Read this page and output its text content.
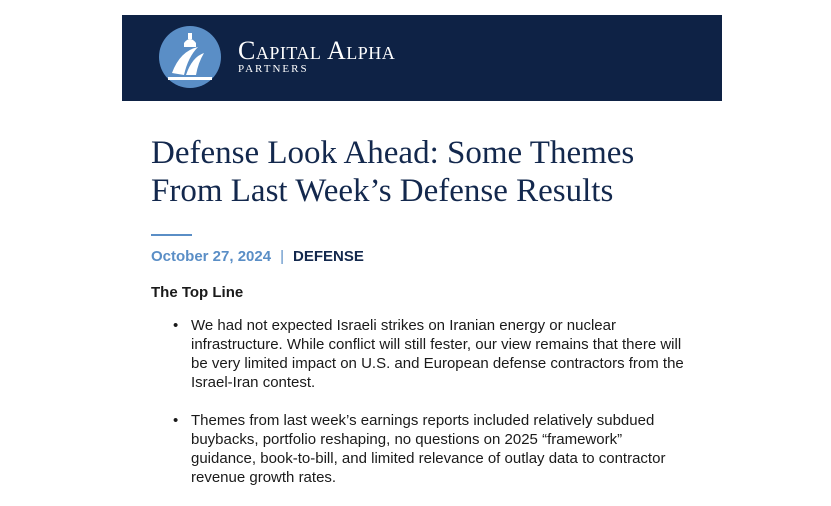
Capital Alpha
PARTNERS
Defense Look Ahead: Some Themes From Last Week’s Defense Results
October 27, 2024 | DEFENSE
The Top Line
• We had not expected Israeli strikes on Iranian energy or nuclear infrastructure. While conflict will still fester, our view remains that there will be very limited impact on U.S. and European defense contractors from the Israel-Iran contest.
• Themes from last week’s earnings reports included relatively subdued buybacks, portfolio reshaping, no questions on 2025 “framework” guidance, book-to-bill, and limited relevance of outlay data to contractor revenue growth rates.
